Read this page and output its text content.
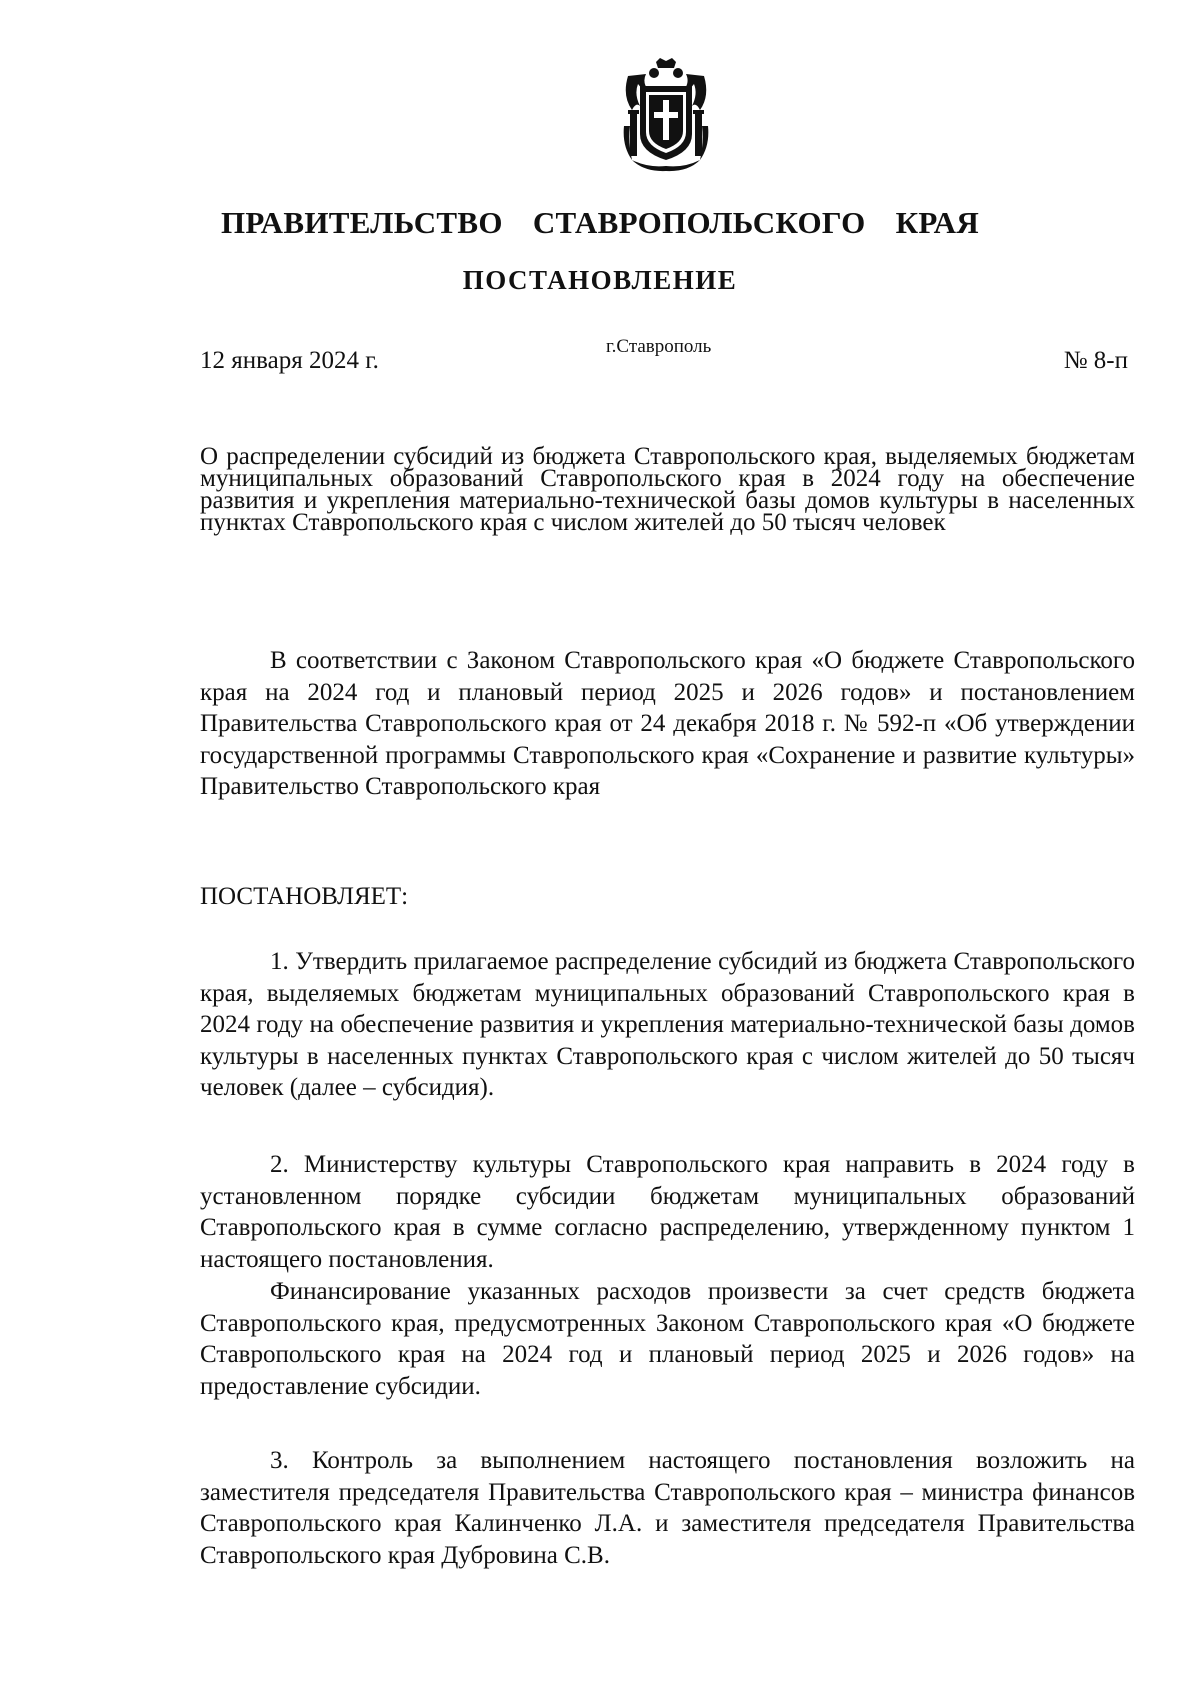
ПРАВИТЕЛЬСТВО СТАВРОПОЛЬСКОГО КРАЯ
ПОСТАНОВЛЕНИЕ
12 января 2024 г.
г.Ставрополь
№ 8-п

О распределении субсидий из бюджета Ставропольского края, выделяемых бюджетам муниципальных образований Ставропольского края в 2024 году на обеспечение развития и укрепления материально-технической базы домов культуры в населенных пунктах Ставропольского края с числом жителей до 50 тысяч человек

В соответствии с Законом Ставропольского края «О бюджете Ставропольского края на 2024 год и плановый период 2025 и 2026 годов» и постановлением Правительства Ставропольского края от 24 декабря 2018 г. № 592-п «Об утверждении государственной программы Ставропольского края «Сохранение и развитие культуры» Правительство Ставропольского края

ПОСТАНОВЛЯЕТ:

1. Утвердить прилагаемое распределение субсидий из бюджета Ставропольского края, выделяемых бюджетам муниципальных образований Ставропольского края в 2024 году на обеспечение развития и укрепления материально-технической базы домов культуры в населенных пунктах Ставропольского края с числом жителей до 50 тысяч человек (далее – субсидия).

2. Министерству культуры Ставропольского края направить в 2024 году в установленном порядке субсидии бюджетам муниципальных образований Ставропольского края в сумме согласно распределению, утвержденному пунктом 1 настоящего постановления.

Финансирование указанных расходов произвести за счет средств бюджета Ставропольского края, предусмотренных Законом Ставропольского края «О бюджете Ставропольского края на 2024 год и плановый период 2025 и 2026 годов» на предоставление субсидии.

3. Контроль за выполнением настоящего постановления возложить на заместителя председателя Правительства Ставропольского края – министра финансов Ставропольского края Калинченко Л.А. и заместителя председателя Правительства Ставропольского края Дубровина С.В.
